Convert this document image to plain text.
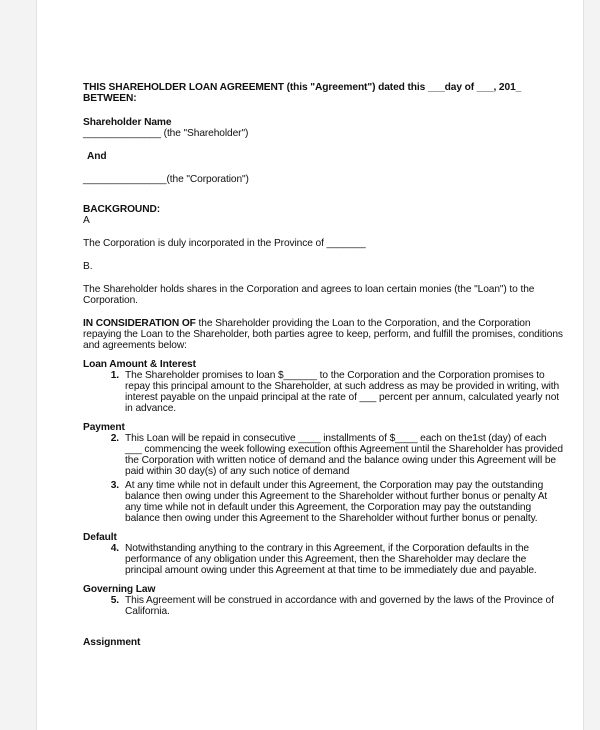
THIS SHAREHOLDER LOAN AGREEMENT (this "Agreement") dated this ___day of ___, 201_
BETWEEN:
Shareholder Name
______________ (the "Shareholder")
And
_______________(the "Corporation")
BACKGROUND:
A
The Corporation is duly incorporated in the Province of _______
B.
The Shareholder holds shares in the Corporation and agrees to loan certain monies (the "Loan") to the Corporation.
IN CONSIDERATION OF the Shareholder providing the Loan to the Corporation, and the Corporation repaying the Loan to the Shareholder, both parties agree to keep, perform, and fulfill the promises, conditions and agreements below:
Loan Amount & Interest
1. The Shareholder promises to loan $______ to the Corporation and the Corporation promises to repay this principal amount to the Shareholder, at such address as may be provided in writing, with interest payable on the unpaid principal at the rate of ___ percent per annum, calculated yearly not in advance.
Payment
2. This Loan will be repaid in consecutive ____ installments of $____ each on the1st (day) of each ___ commencing the week following execution ofthis Agreement until the Shareholder has provided the Corporation with written notice of demand and the balance owing under this Agreement will be paid within 30 day(s) of any such notice of demand
3. At any time while not in default under this Agreement, the Corporation may pay the outstanding balance then owing under this Agreement to the Shareholder without further bonus or penalty At any time while not in default under this Agreement, the Corporation may pay the outstanding balance then owing under this Agreement to the Shareholder without further bonus or penalty.
Default
4. Notwithstanding anything to the contrary in this Agreement, if the Corporation defaults in the performance of any obligation under this Agreement, then the Shareholder may declare the principal amount owing under this Agreement at that time to be immediately due and payable.
Governing Law
5. This Agreement will be construed in accordance with and governed by the laws of the Province of California.
Assignment
